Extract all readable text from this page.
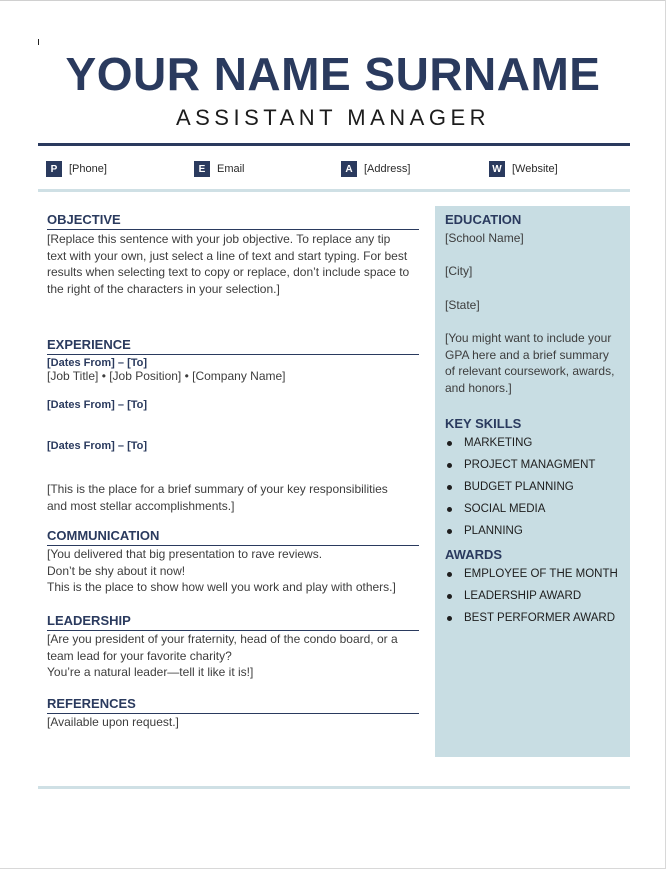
YOUR NAME SURNAME
ASSISTANT MANAGER
P	[Phone]	E	Email	A	[Address]	W [Website]
OBJECTIVE
[Replace this sentence with your job objective. To replace any tip
text with your own, just select a line of text and start typing. For best
results when selecting text to copy or replace, don’t include space to
the right of the characters in your selection.]
EXPERIENCE
[Dates From] – [To]
[Job Title] • [Job Position] • [Company Name]
[Dates From] – [To]
[Dates From] – [To]
[This is the place for a brief summary of your key responsibilities
and most stellar accomplishments.]
COMMUNICATION
[You delivered that big presentation to rave reviews.
Don’t be shy about it now!
This is the place to show how well you work and play with others.]
LEADERSHIP
[Are you president of your fraternity, head of the condo board, or a
team lead for your favorite charity?
You’re a natural leader—tell it like it is!]
REFERENCES
[Available upon request.]
EDUCATION
[School Name]
[City]
[State]
[You might want to include your
GPA here and a brief summary
of relevant coursework, awards,
and honors.]
KEY SKILLS
MARKETING
PROJECT MANAGMENT
BUDGET PLANNING
SOCIAL MEDIA
PLANNING
AWARDS
EMPLOYEE OF THE MONTH
LEADERSHIP AWARD
BEST PERFORMER AWARD
